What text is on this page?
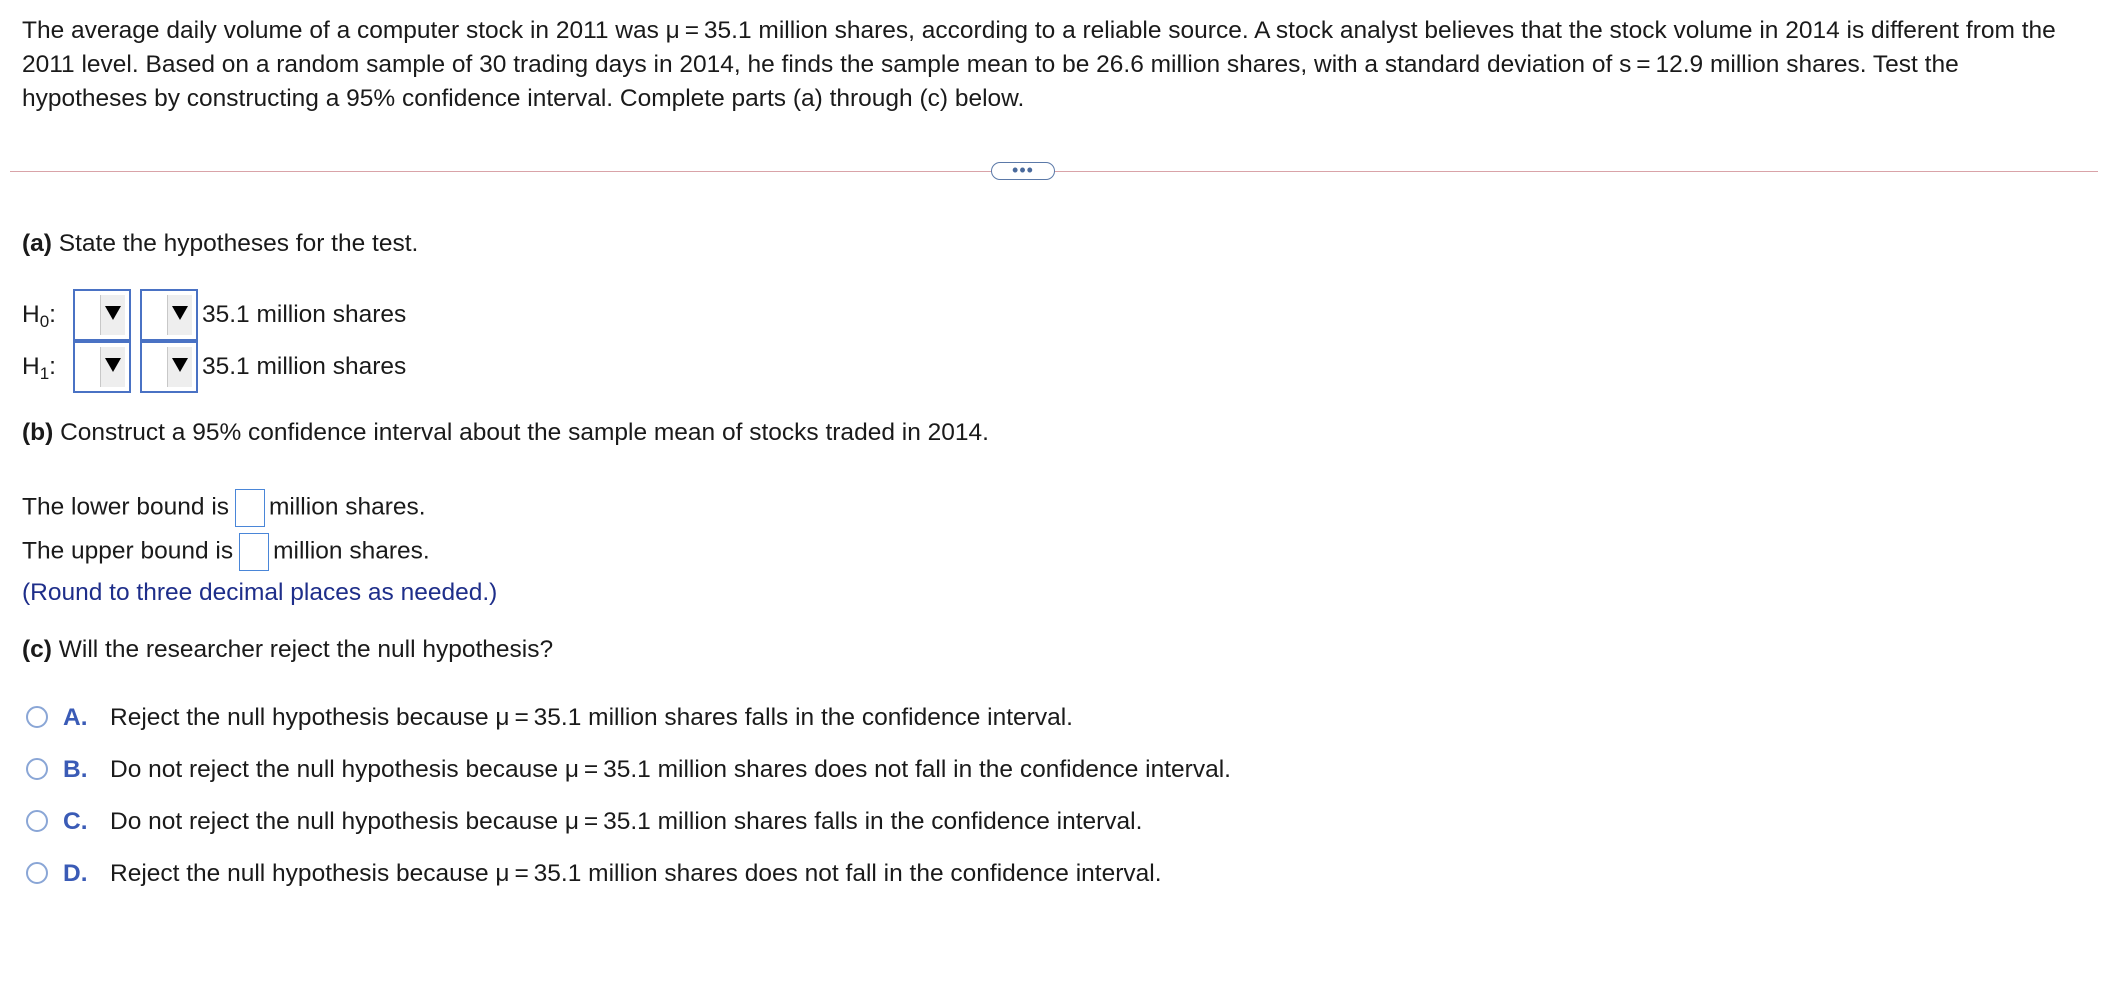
The average daily volume of a computer stock in 2011 was μ = 35.1 million shares, according to a reliable source. A stock analyst believes that the stock volume in 2014 is different from the 2011 level. Based on a random sample of 30 trading days in 2014, he finds the sample mean to be 26.6 million shares, with a standard deviation of s = 12.9 million shares. Test the hypotheses by constructing a 95% confidence interval. Complete parts (a) through (c) below.
•••
(a) State the hypotheses for the test.
$H_0$:	35.1 million shares
$H_1$:	35.1 million shares
(b) Construct a 95% confidence interval about the sample mean of stocks traded in 2014.
The lower bound is million shares.
The upper bound is million shares.
(Round to three decimal places as needed.)
(c) Will the researcher reject the null hypothesis?
A. Reject the null hypothesis because μ = 35.1 million shares falls in the confidence interval.
B. Do not reject the null hypothesis because μ = 35.1 million shares does not fall in the confidence interval.
C. Do not reject the null hypothesis because μ = 35.1 million shares falls in the confidence interval.
D. Reject the null hypothesis because μ = 35.1 million shares does not fall in the confidence interval.
